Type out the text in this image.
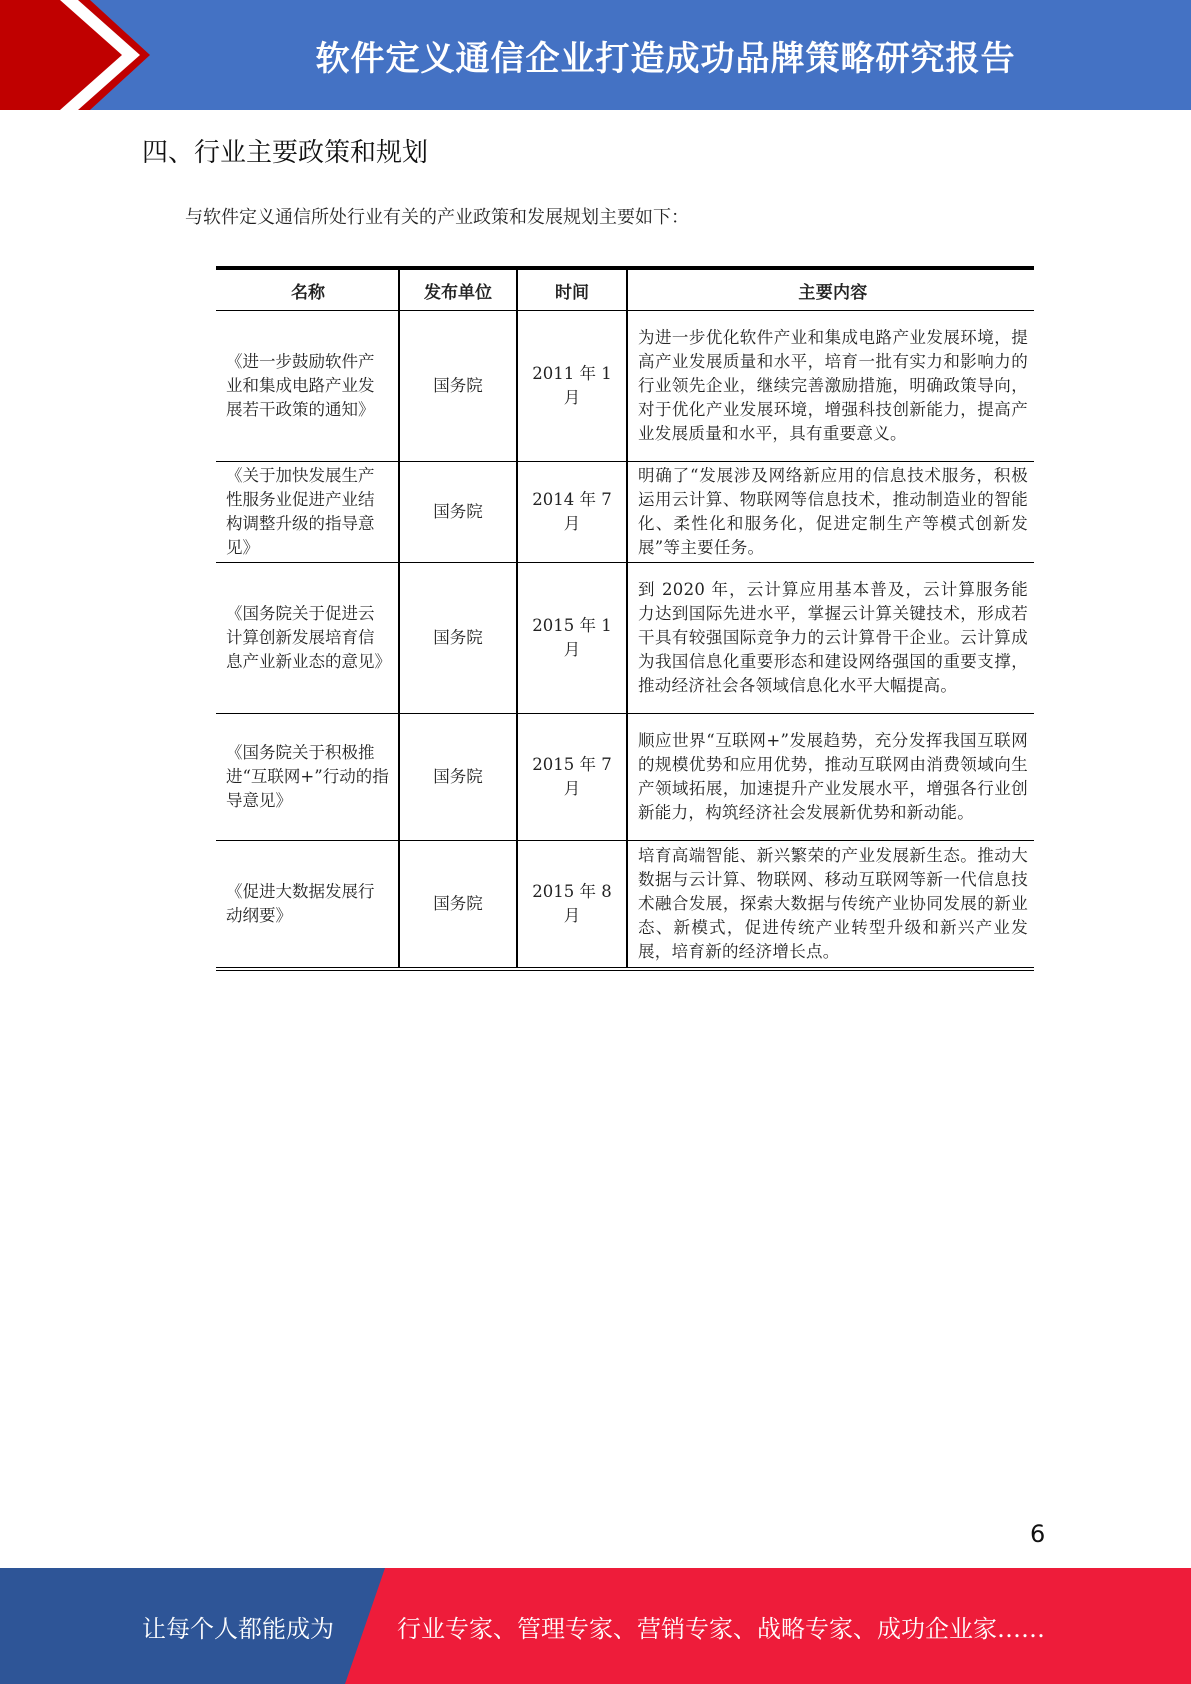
软件定义通信企业打造成功品牌策略研究报告
四、行业主要政策和规划
与软件定义通信所处行业有关的产业政策和发展规划主要如下：
名称	发布单位	时间	主要内容
《进一步鼓励软件产业和集成电路产业发展若干政策的通知》	国务院	2011 年 1 月	为进一步优化软件产业和集成电路产业发展环境，提高产业发展质量和水平，培育一批有实力和影响力的行业领先企业，继续完善激励措施，明确政策导向，对于优化产业发展环境，增强科技创新能力，提高产业发展质量和水平，具有重要意义。
《关于加快发展生产性服务业促进产业结构调整升级的指导意见》	国务院	2014 年 7 月	明确了“发展涉及网络新应用的信息技术服务，积极运用云计算、物联网等信息技术，推动制造业的智能化、柔性化和服务化，促进定制生产等模式创新发展”等主要任务。
《国务院关于促进云计算创新发展培育信息产业新业态的意见》	国务院	2015 年 1 月	到 2020 年，云计算应用基本普及，云计算服务能力达到国际先进水平，掌握云计算关键技术，形成若干具有较强国际竞争力的云计算骨干企业。云计算成为我国信息化重要形态和建设网络强国的重要支撑，推动经济社会各领域信息化水平大幅提高。
《国务院关于积极推进“互联网+”行动的指导意见》	国务院	2015 年 7 月	顺应世界“互联网+”发展趋势，充分发挥我国互联网的规模优势和应用优势，推动互联网由消费领域向生产领域拓展，加速提升产业发展水平，增强各行业创新能力，构筑经济社会发展新优势和新动能。
《促进大数据发展行动纲要》	国务院	2015 年 8 月	培育高端智能、新兴繁荣的产业发展新生态。推动大数据与云计算、物联网、移动互联网等新一代信息技术融合发展，探索大数据与传统产业协同发展的新业态、新模式，促进传统产业转型升级和新兴产业发展，培育新的经济增长点。
6
让每个人都能成为	行业专家、管理专家、营销专家、战略专家、成功企业家……
